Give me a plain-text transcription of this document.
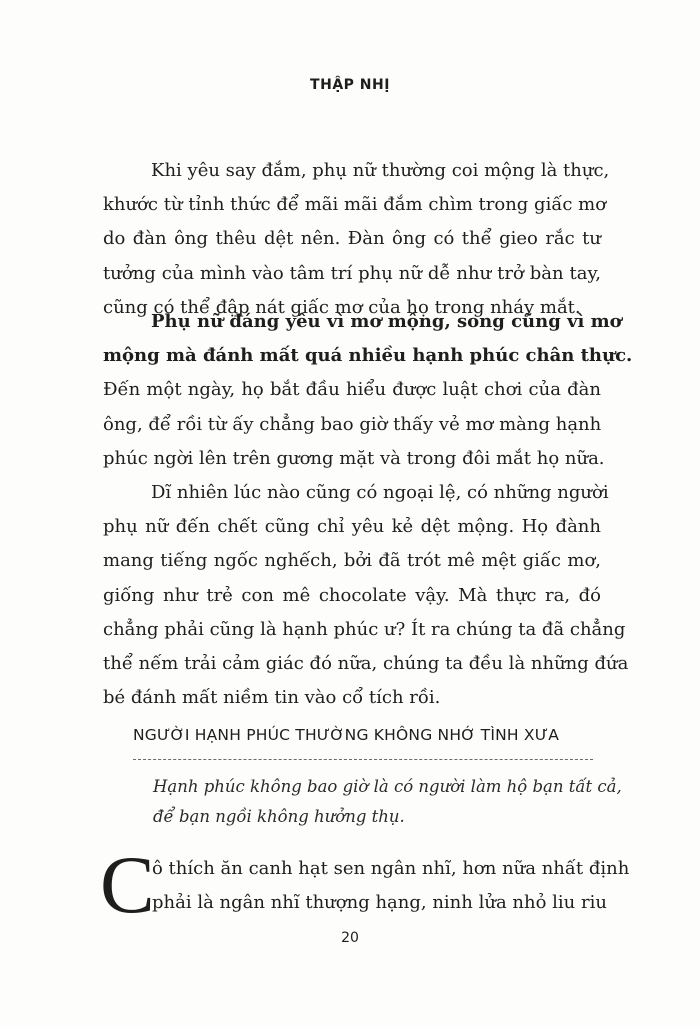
THẬP NHỊ
Khi yêu say đắm, phụ nữ thường coi mộng là thực,
khước từ tỉnh thức để mãi mãi đắm chìm trong giấc mơ
do đàn ông thêu dệt nên. Đàn ông có thể gieo rắc tư
tưởng của mình vào tâm trí phụ nữ dễ như trở bàn tay,
cũng có thể đập nát giấc mơ của họ trong nháy mắt.
Phụ nữ đáng yêu vì mơ mộng, song cũng vì mơ
mộng mà đánh mất quá nhiều hạnh phúc chân thực.
Đến một ngày, họ bắt đầu hiểu được luật chơi của đàn
ông, để rồi từ ấy chẳng bao giờ thấy vẻ mơ màng hạnh
phúc ngời lên trên gương mặt và trong đôi mắt họ nữa.
Dĩ nhiên lúc nào cũng có ngoại lệ, có những người
phụ nữ đến chết cũng chỉ yêu kẻ dệt mộng. Họ đành
mang tiếng ngốc nghếch, bởi đã trót mê mệt giấc mơ,
giống như trẻ con mê chocolate vậy. Mà thực ra, đó
chẳng phải cũng là hạnh phúc ư? Ít ra chúng ta đã chẳng
thể nếm trải cảm giác đó nữa, chúng ta đều là những đứa
bé đánh mất niềm tin vào cổ tích rồi.
NGƯỜI HẠNH PHÚC THƯỜNG KHÔNG NHỚ TÌNH XƯA
Hạnh phúc không bao giờ là có người làm hộ bạn tất cả,
để bạn ngồi không hưởng thụ.
C
ô thích ăn canh hạt sen ngân nhĩ, hơn nữa nhất định
phải là ngân nhĩ thượng hạng, ninh lửa nhỏ liu riu
20
